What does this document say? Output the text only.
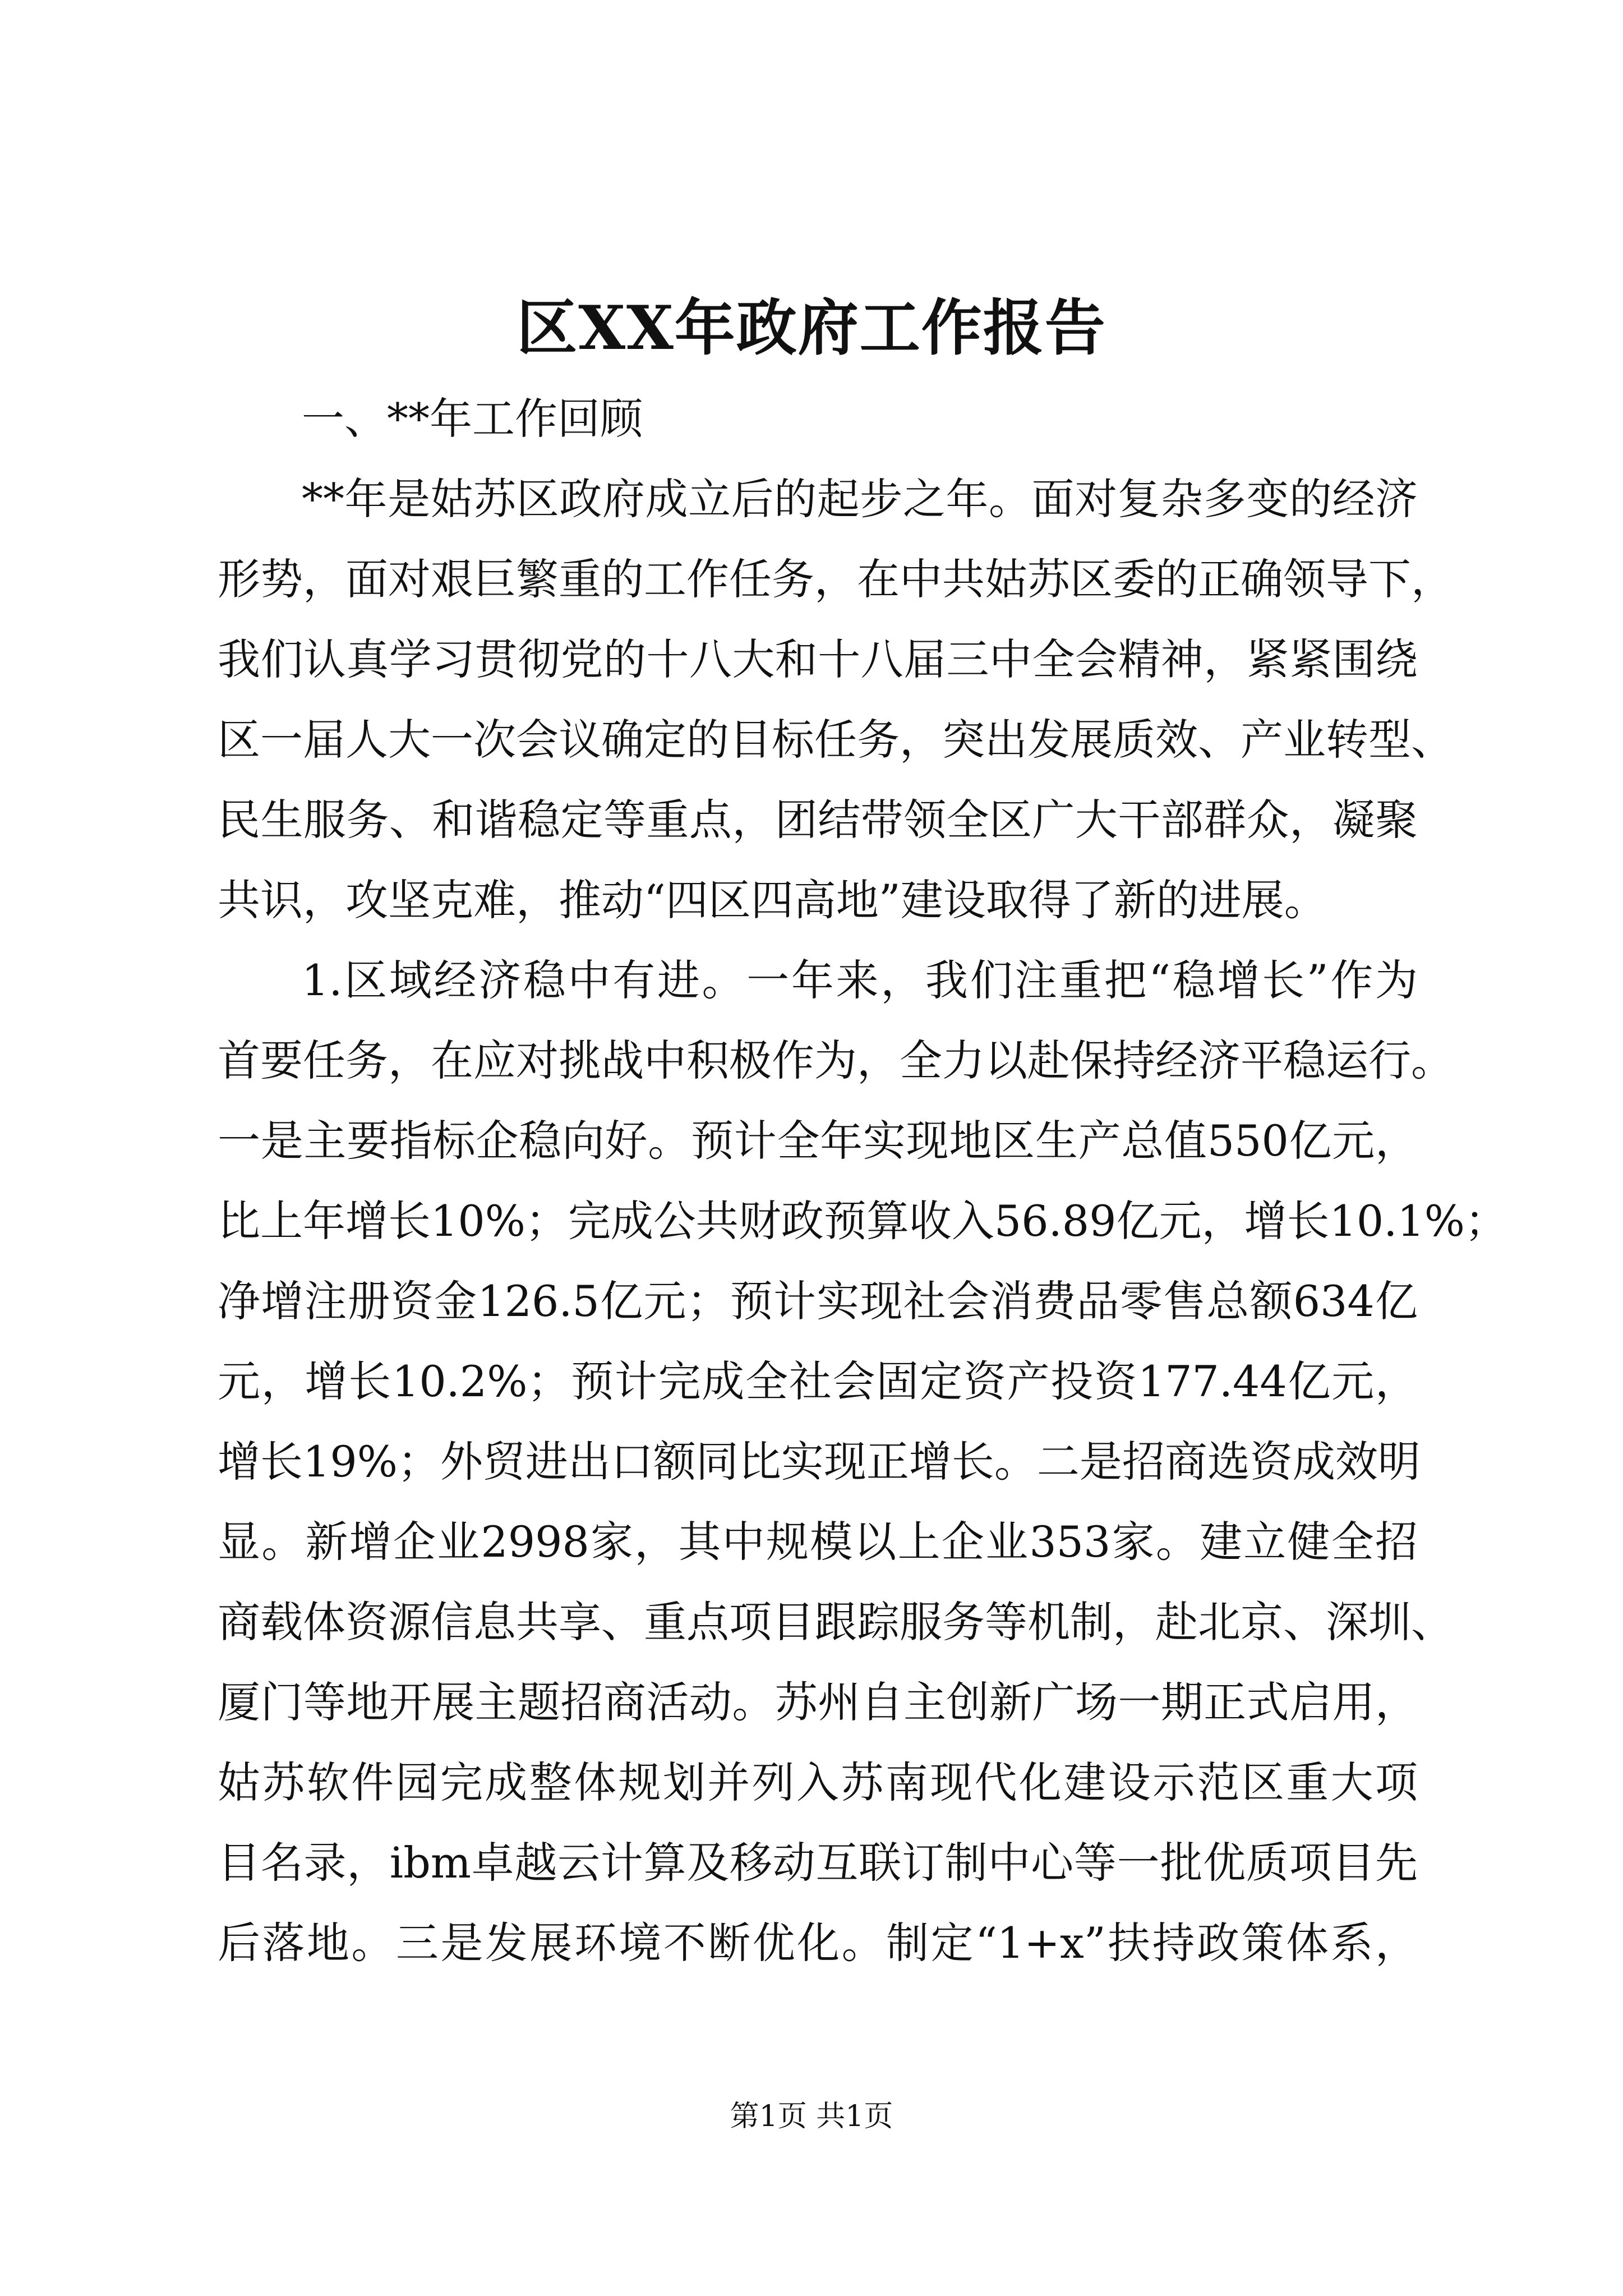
区XX年政府工作报告
一、**年工作回顾
**年是姑苏区政府成立后的起步之年。面对复杂多变的经济
形势，面对艰巨繁重的工作任务，在中共姑苏区委的正确领导下，
我们认真学习贯彻党的十八大和十八届三中全会精神，紧紧围绕
区一届人大一次会议确定的目标任务，突出发展质效、产业转型、
民生服务、和谐稳定等重点，团结带领全区广大干部群众，凝聚
共识，攻坚克难，推动“四区四高地”建设取得了新的进展。
1.区域经济稳中有进。一年来，我们注重把“稳增长”作为
首要任务，在应对挑战中积极作为，全力以赴保持经济平稳运行。
一是主要指标企稳向好。预计全年实现地区生产总值550亿元，
比上年增长10%；完成公共财政预算收入56.89亿元，增长10.1%；
净增注册资金126.5亿元；预计实现社会消费品零售总额634亿
元，增长10.2%；预计完成全社会固定资产投资177.44亿元，
增长19%；外贸进出口额同比实现正增长。二是招商选资成效明
显。新增企业2998家，其中规模以上企业353家。建立健全招
商载体资源信息共享、重点项目跟踪服务等机制，赴北京、深圳、
厦门等地开展主题招商活动。苏州自主创新广场一期正式启用，
姑苏软件园完成整体规划并列入苏南现代化建设示范区重大项
目名录，ibm卓越云计算及移动互联订制中心等一批优质项目先
后落地。三是发展环境不断优化。制定“1+x”扶持政策体系，

第1页 共1页
